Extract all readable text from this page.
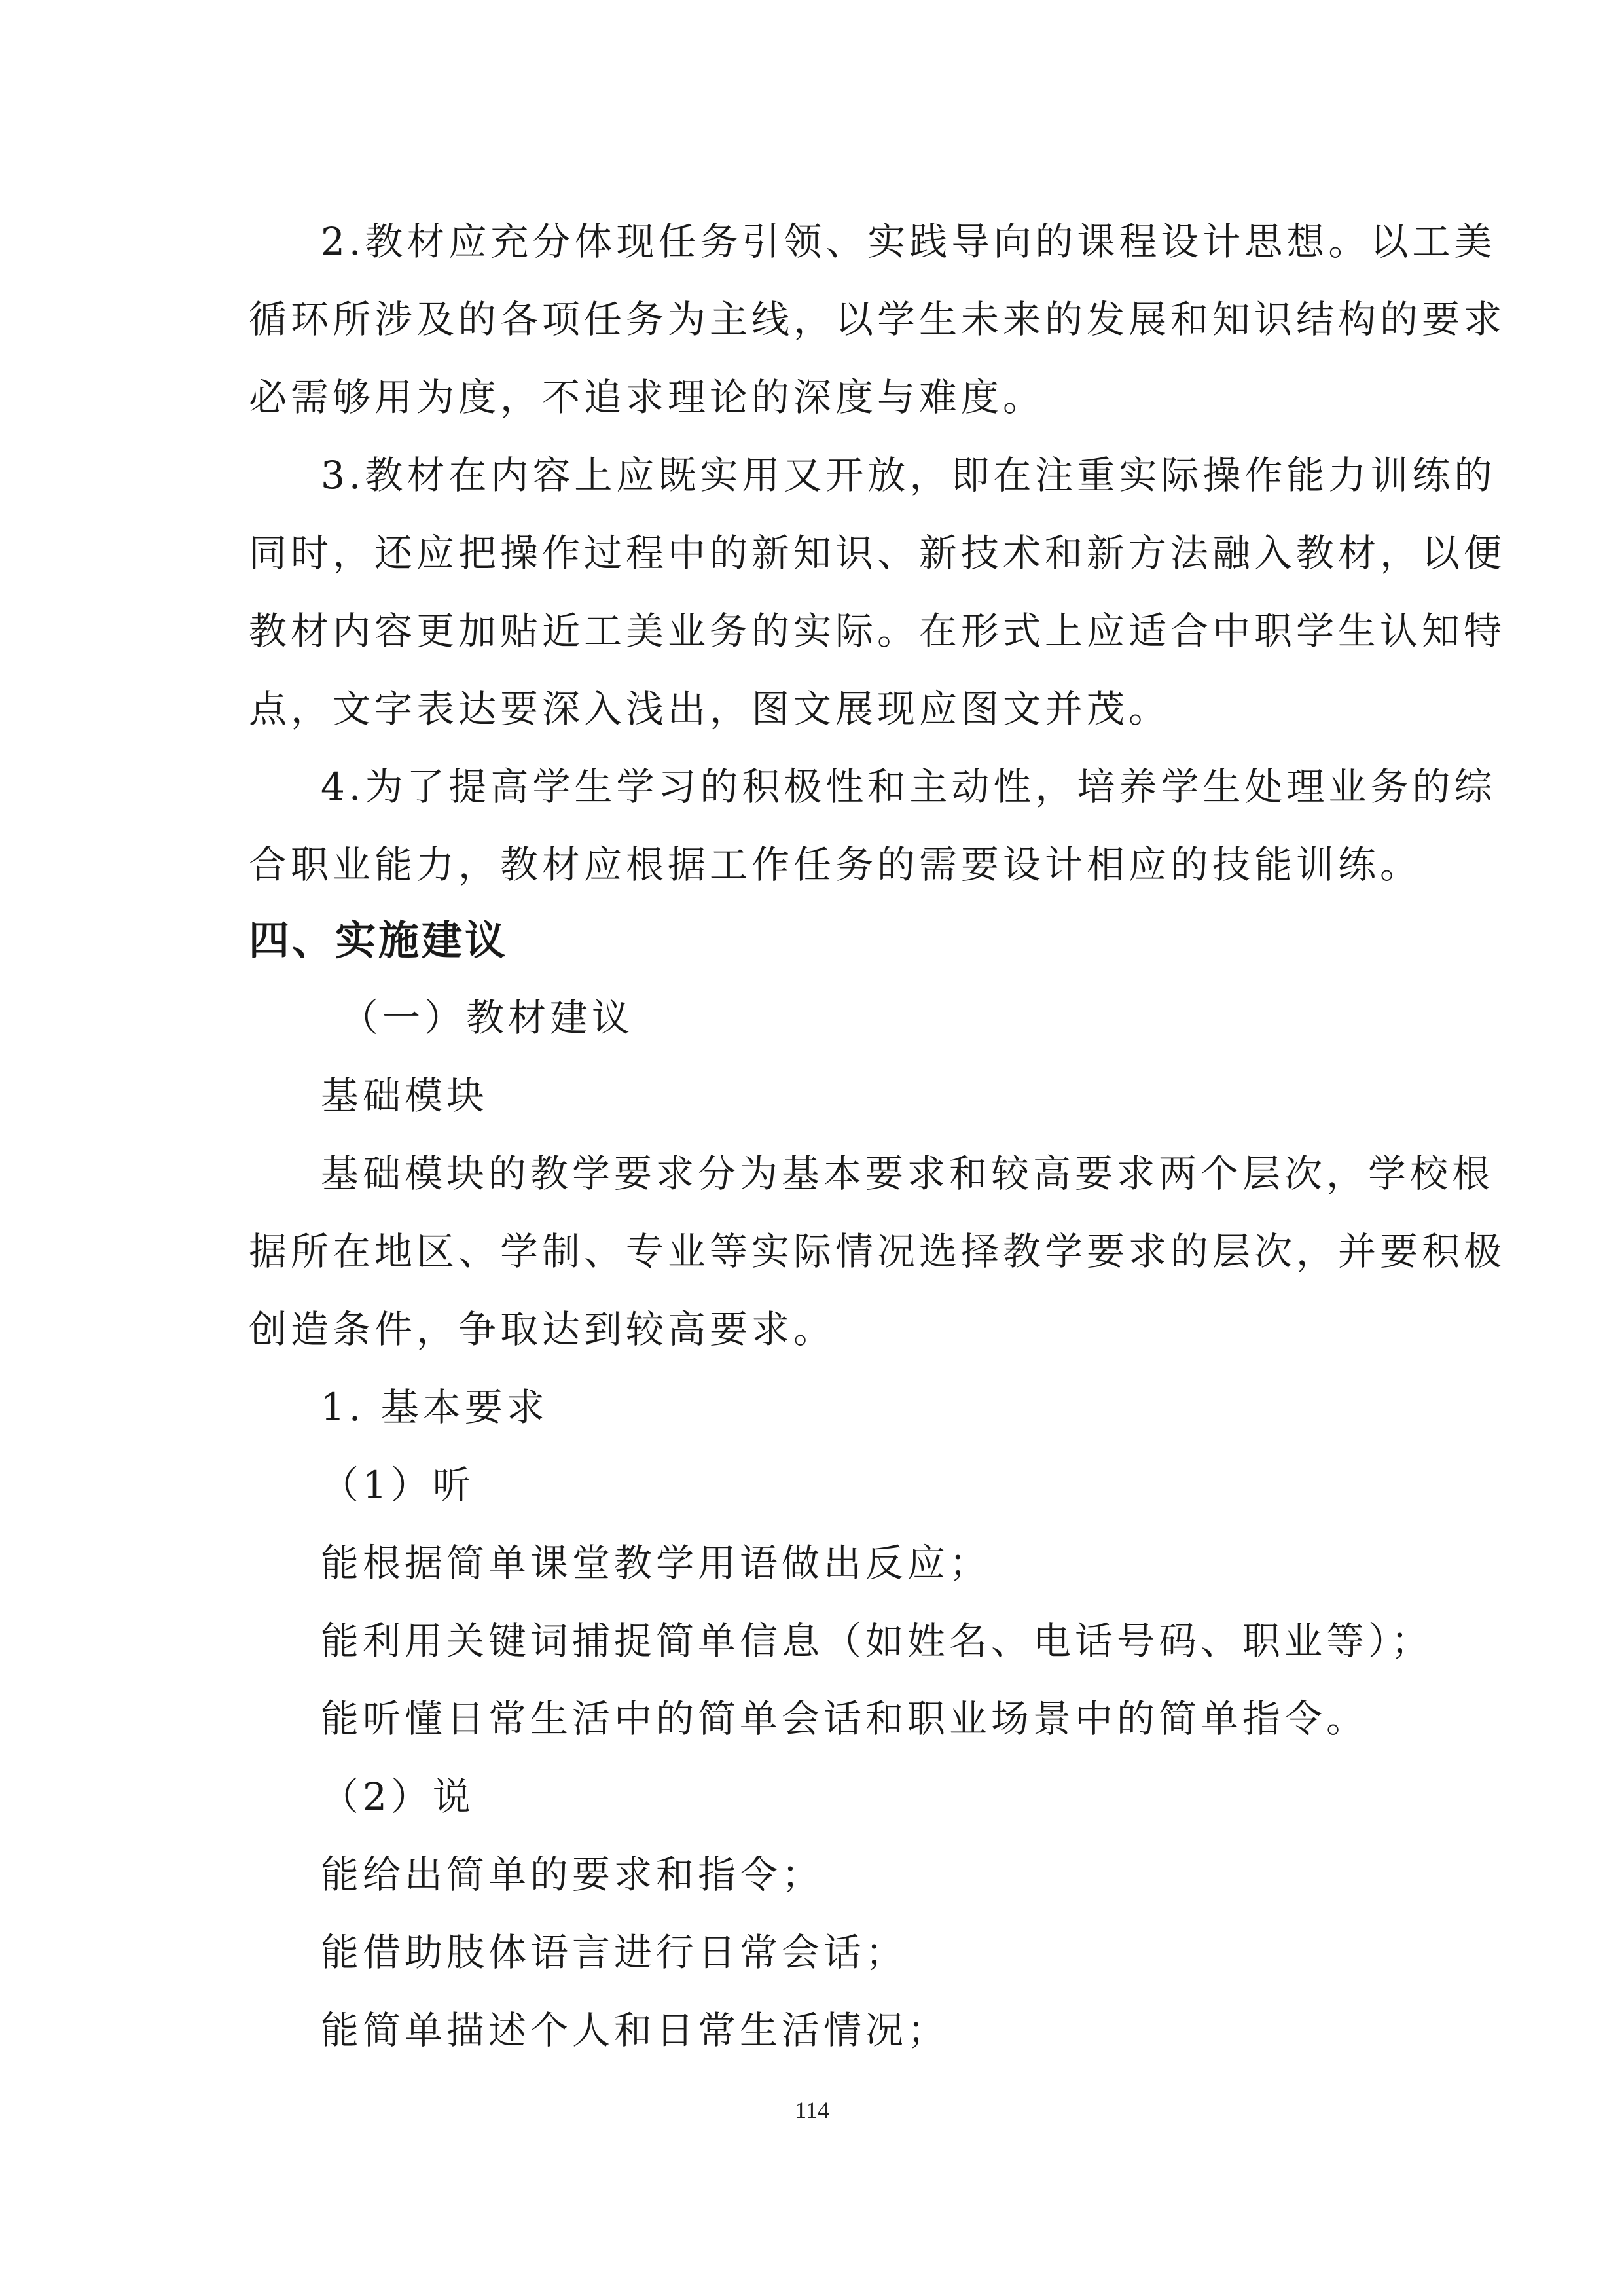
2.教材应充分体现任务引领、实践导向的课程设计思想。以工美
循环所涉及的各项任务为主线，以学生未来的发展和知识结构的要求
必需够用为度，不追求理论的深度与难度。
3.教材在内容上应既实用又开放，即在注重实际操作能力训练的
同时，还应把操作过程中的新知识、新技术和新方法融入教材，以便
教材内容更加贴近工美业务的实际。在形式上应适合中职学生认知特
点，文字表达要深入浅出，图文展现应图文并茂。
4.为了提高学生学习的积极性和主动性，培养学生处理业务的综
合职业能力，教材应根据工作任务的需要设计相应的技能训练。
四、实施建议
（一）教材建议
基础模块
基础模块的教学要求分为基本要求和较高要求两个层次，学校根
据所在地区、学制、专业等实际情况选择教学要求的层次，并要积极
创造条件，争取达到较高要求。
1. 基本要求
（1）听
能根据简单课堂教学用语做出反应；
能利用关键词捕捉简单信息（如姓名、电话号码、职业等）；
能听懂日常生活中的简单会话和职业场景中的简单指令。
（2）说
能给出简单的要求和指令；
能借助肢体语言进行日常会话；
能简单描述个人和日常生活情况；
114
